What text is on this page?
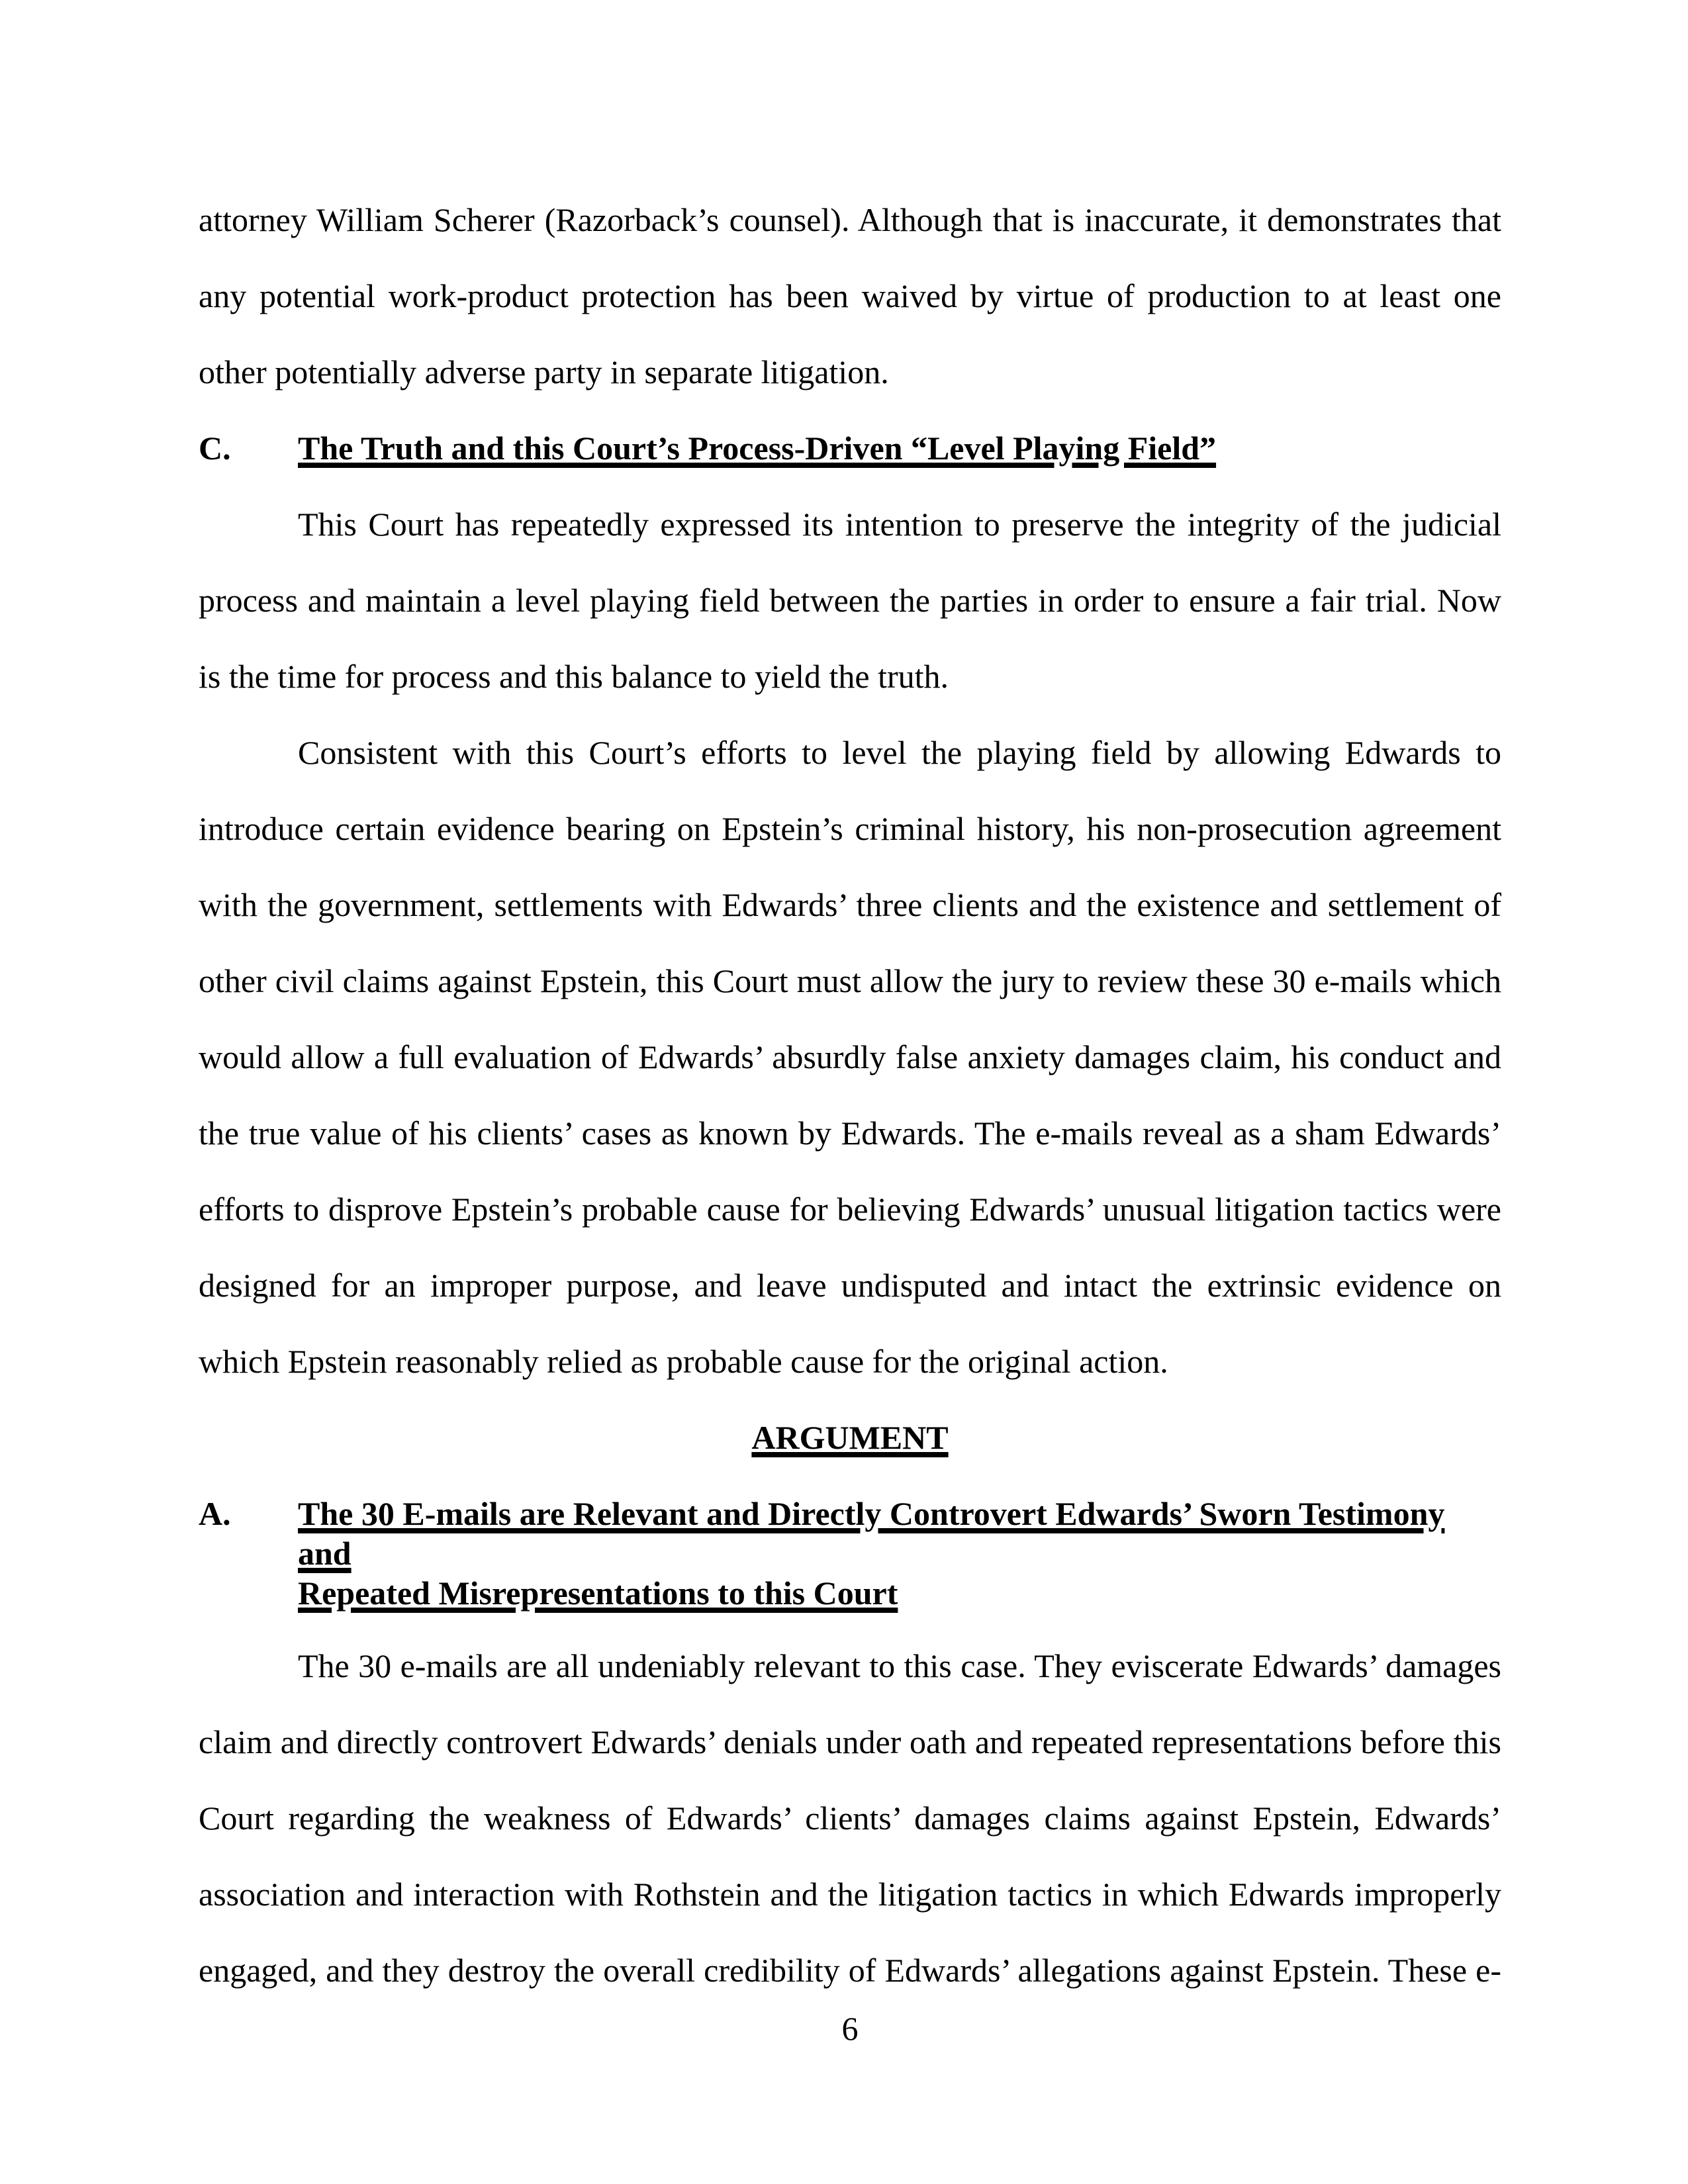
attorney William Scherer (Razorback’s counsel). Although that is inaccurate, it demonstrates that any potential work-product protection has been waived by virtue of production to at least one other potentially adverse party in separate litigation.

C. The Truth and this Court’s Process-Driven “Level Playing Field”

This Court has repeatedly expressed its intention to preserve the integrity of the judicial process and maintain a level playing field between the parties in order to ensure a fair trial. Now is the time for process and this balance to yield the truth.

Consistent with this Court’s efforts to level the playing field by allowing Edwards to introduce certain evidence bearing on Epstein’s criminal history, his non-prosecution agreement with the government, settlements with Edwards’ three clients and the existence and settlement of other civil claims against Epstein, this Court must allow the jury to review these 30 e-mails which would allow a full evaluation of Edwards’ absurdly false anxiety damages claim, his conduct and the true value of his clients’ cases as known by Edwards. The e-mails reveal as a sham Edwards’ efforts to disprove Epstein’s probable cause for believing Edwards’ unusual litigation tactics were designed for an improper purpose, and leave undisputed and intact the extrinsic evidence on which Epstein reasonably relied as probable cause for the original action.

ARGUMENT
A. The 30 E-mails are Relevant and Directly Controvert Edwards’ Sworn Testimony and
Repeated Misrepresentations to this Court

The 30 e-mails are all undeniably relevant to this case. They eviscerate Edwards’ damages claim and directly controvert Edwards’ denials under oath and repeated representations before this Court regarding the weakness of Edwards’ clients’ damages claims against Epstein, Edwards’ association and interaction with Rothstein and the litigation tactics in which Edwards improperly engaged, and they destroy the overall credibility of Edwards’ allegations against Epstein. These e-

6
